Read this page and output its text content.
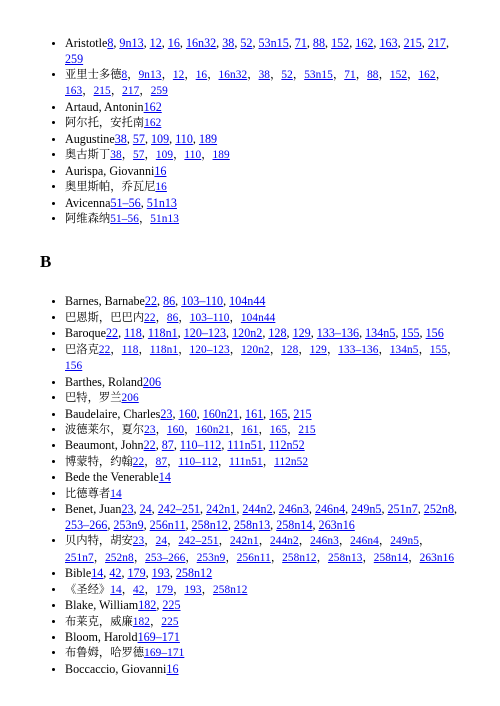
• Aristotle8, 9n13, 12, 16, 16n32, 38, 52, 53n15, 71, 88, 152, 162, 163, 215, 217, 259
• 亚里士多德8，9n13，12，16，16n32，38，52，53n15，71，88，152，162，163，215，217，259
• Artaud, Antonin162
• 阿尔托，安托南162
• Augustine38, 57, 109, 110, 189
• 奥古斯丁38，57，109，110，189
• Aurispa, Giovanni16
• 奥里斯帕，乔瓦尼16
• Avicenna51–56, 51n13
• 阿维森纳51–56，51n13
B
• Barnes, Barnabe22, 86, 103–110, 104n44
• 巴恩斯，巴巴内22，86，103–110，104n44
• Baroque22, 118, 118n1, 120–123, 120n2, 128, 129, 133–136, 134n5, 155, 156
• 巴洛克22，118，118n1，120–123，120n2，128，129，133–136，134n5，155，156
• Barthes, Roland206
• 巴特，罗兰206
• Baudelaire, Charles23, 160, 160n21, 161, 165, 215
• 波德莱尔，夏尔23，160，160n21，161，165，215
• Beaumont, John22, 87, 110–112, 111n51, 112n52
• 博蒙特，约翰22，87，110–112，111n51，112n52
• Bede the Venerable14
• 比德尊者14
• Benet, Juan23, 24, 242–251, 242n1, 244n2, 246n3, 246n4, 249n5, 251n7, 252n8, 253–266, 253n9, 256n11, 258n12, 258n13, 258n14, 263n16
• 贝内特，胡安23，24，242–251，242n1，244n2，246n3，246n4，249n5，251n7，252n8，253–266，253n9，256n11，258n12，258n13，258n14，263n16
• Bible14, 42, 179, 193, 258n12
• 《圣经》14，42，179，193，258n12
• Blake, William182, 225
• 布莱克，威廉182，225
• Bloom, Harold169–171
• 布鲁姆，哈罗德169–171
• Boccaccio, Giovanni16
